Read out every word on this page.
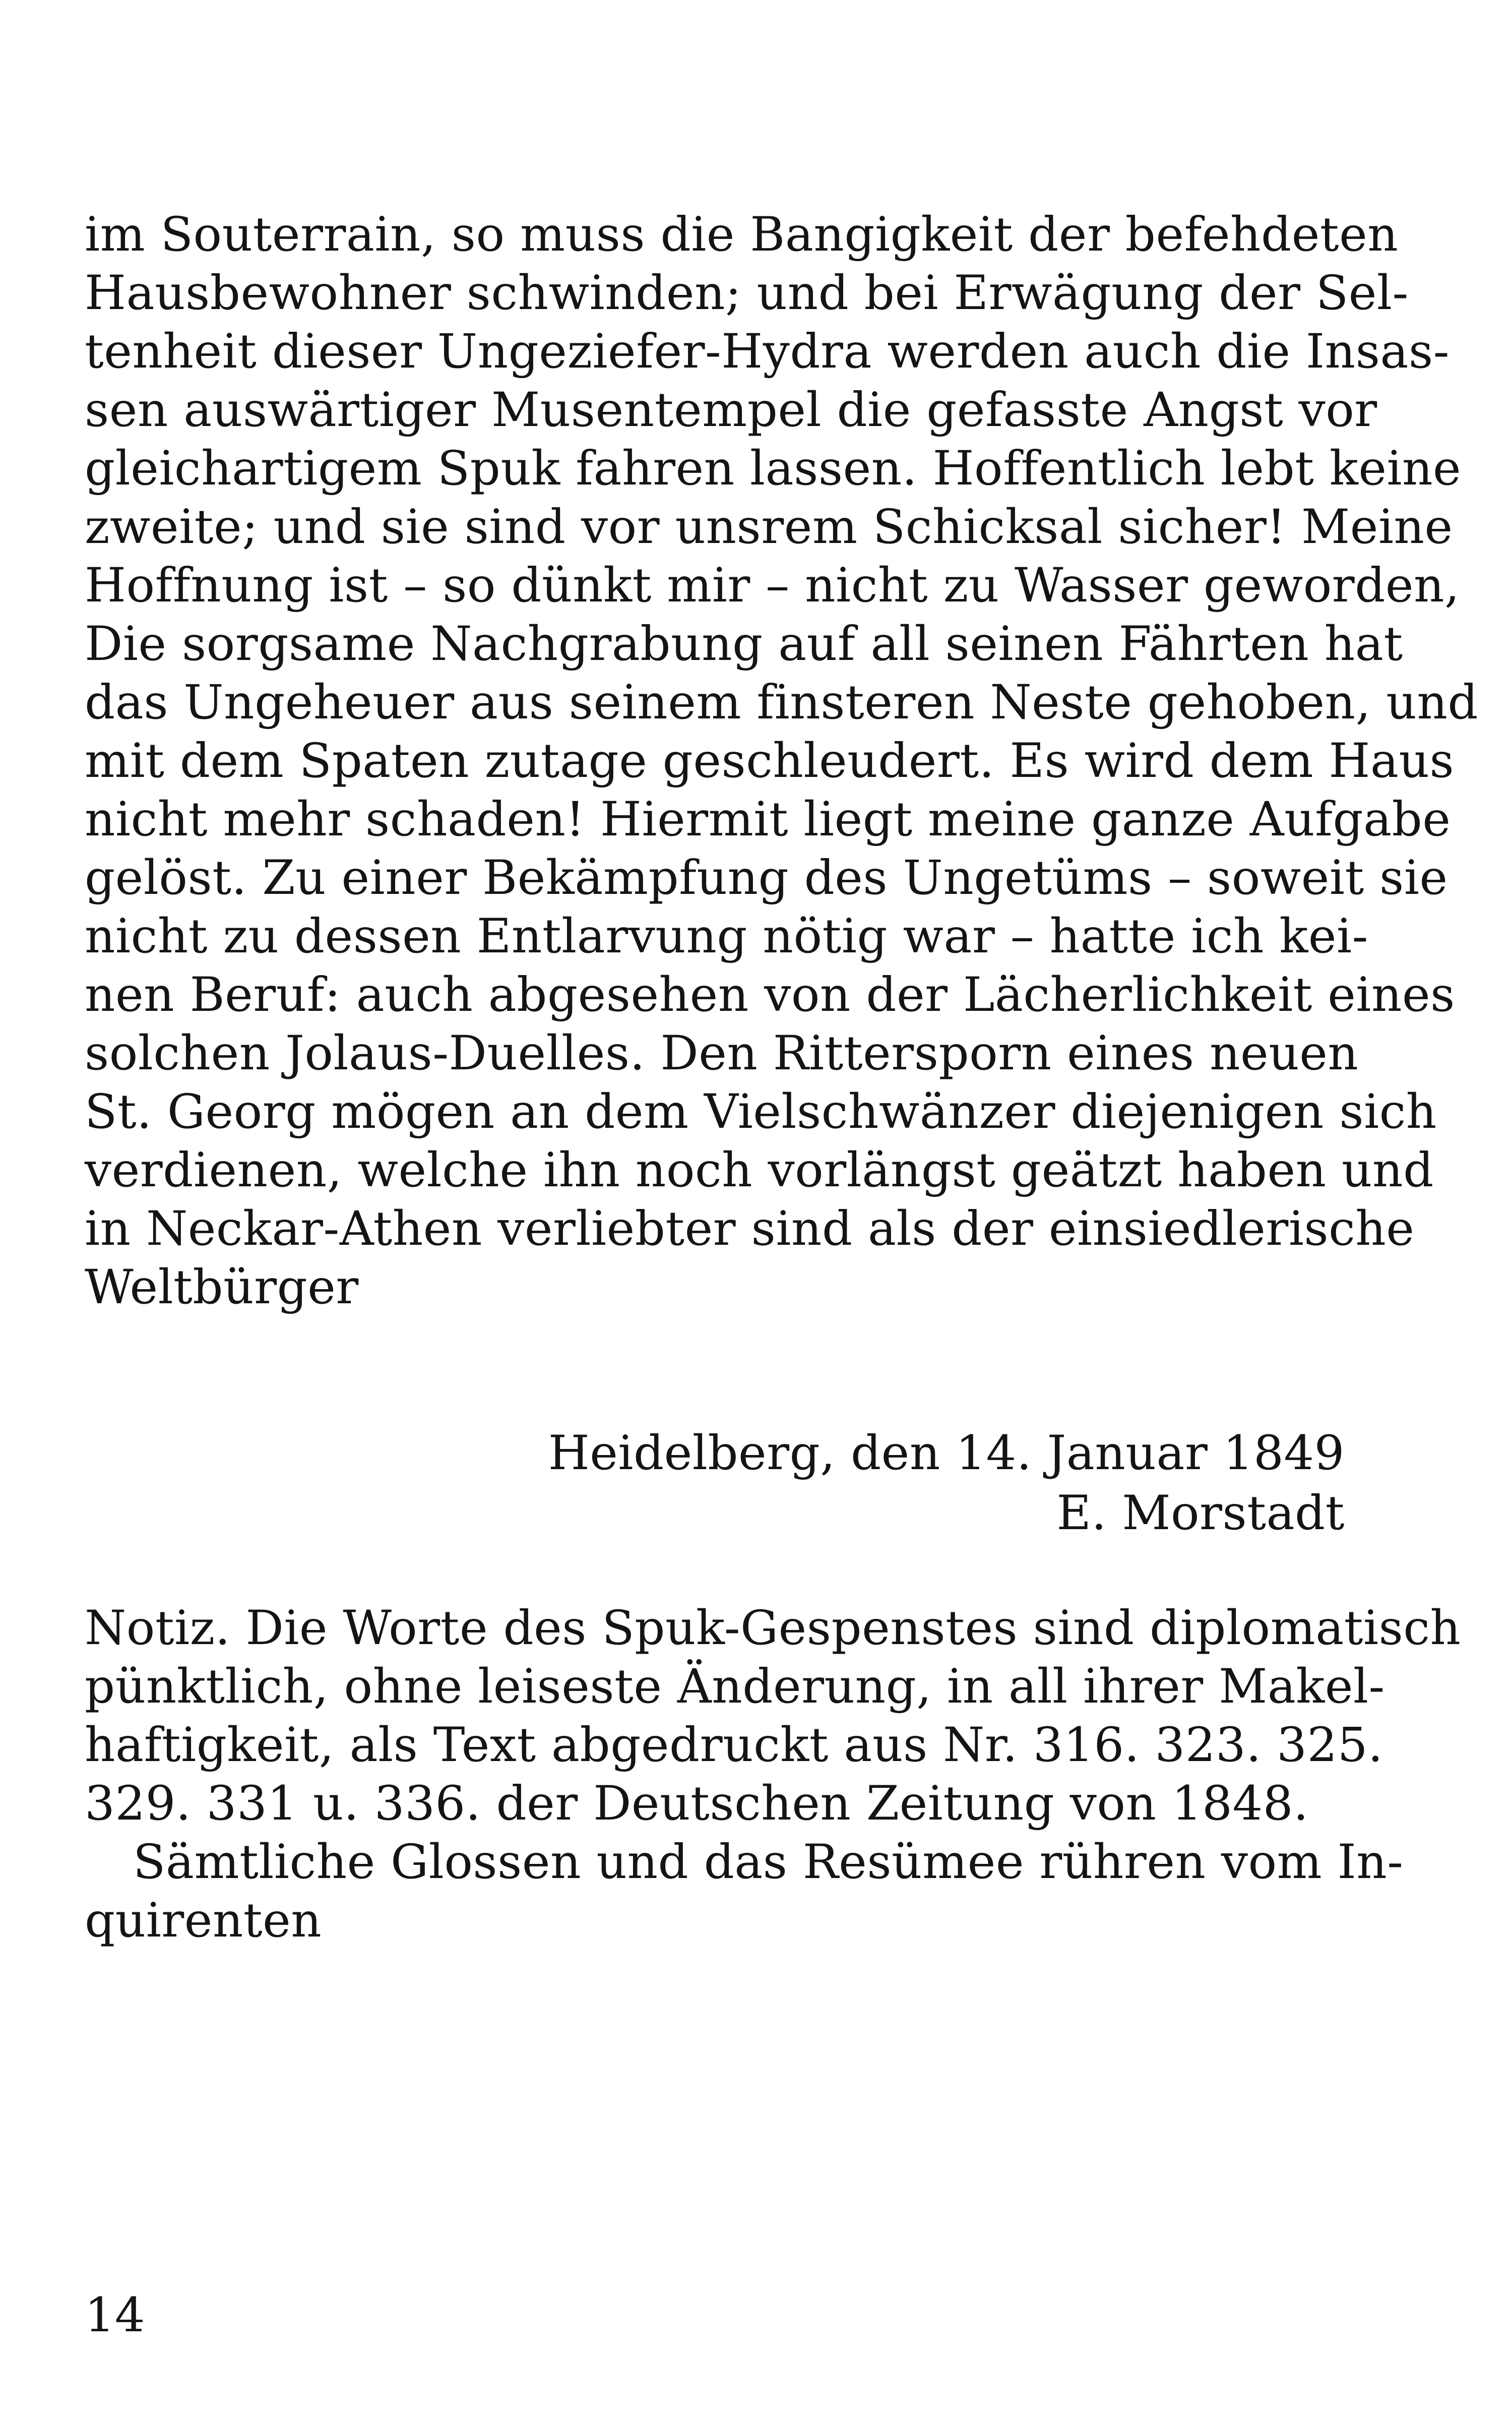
im Souterrain, so muss die Bangigkeit der befehdeten
Hausbewohner schwinden; und bei Erwägung der Sel-
tenheit dieser Ungeziefer-Hydra werden auch die Insas-
sen auswärtiger Musentempel die gefasste Angst vor
gleichartigem Spuk fahren lassen. Hoffentlich lebt keine
zweite; und sie sind vor unsrem Schicksal sicher! Meine
Hoffnung ist – so dünkt mir – nicht zu Wasser geworden,
Die sorgsame Nachgrabung auf all seinen Fährten hat
das Ungeheuer aus seinem finsteren Neste gehoben, und
mit dem Spaten zutage geschleudert. Es wird dem Haus
nicht mehr schaden! Hiermit liegt meine ganze Aufgabe
gelöst. Zu einer Bekämpfung des Ungetüms – soweit sie
nicht zu dessen Entlarvung nötig war – hatte ich kei-
nen Beruf: auch abgesehen von der Lächerlichkeit eines
solchen Jolaus-Duelles. Den Rittersporn eines neuen
St. Georg mögen an dem Vielschwänzer diejenigen sich
verdienen, welche ihn noch vorlängst geätzt haben und
in Neckar-Athen verliebter sind als der einsiedlerische
Weltbürger
Heidelberg, den 14. Januar 1849
E. Morstadt
Notiz. Die Worte des Spuk-Gespenstes sind diplomatisch
pünktlich, ohne leiseste Änderung, in all ihrer Makel-
haftigkeit, als Text abgedruckt aus Nr. 316. 323. 325.
329. 331 u. 336. der Deutschen Zeitung von 1848.
Sämtliche Glossen und das Resümee rühren vom In-
quirenten
14
